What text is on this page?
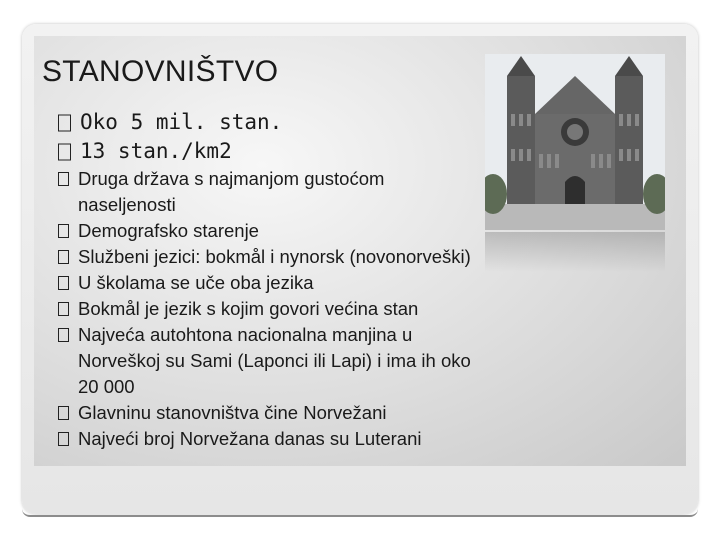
STANOVNIŠTVO
Oko 5 mil. stan.
13 stan./km2
Druga država s najmanjom gustoćom
naseljenosti
Demografsko starenje
Službeni jezici: bokmål i nynorsk (novonorveški)
U školama se uče oba jezika
Bokmål je jezik s kojim govori većina stan
Najveća autohtona nacionalna manjina u
Norveškoj su Sami (Laponci ili Lapi) i ima ih oko
20 000
Glavninu stanovništva čine Norvežani
Najveći broj Norvežana danas su Luterani
